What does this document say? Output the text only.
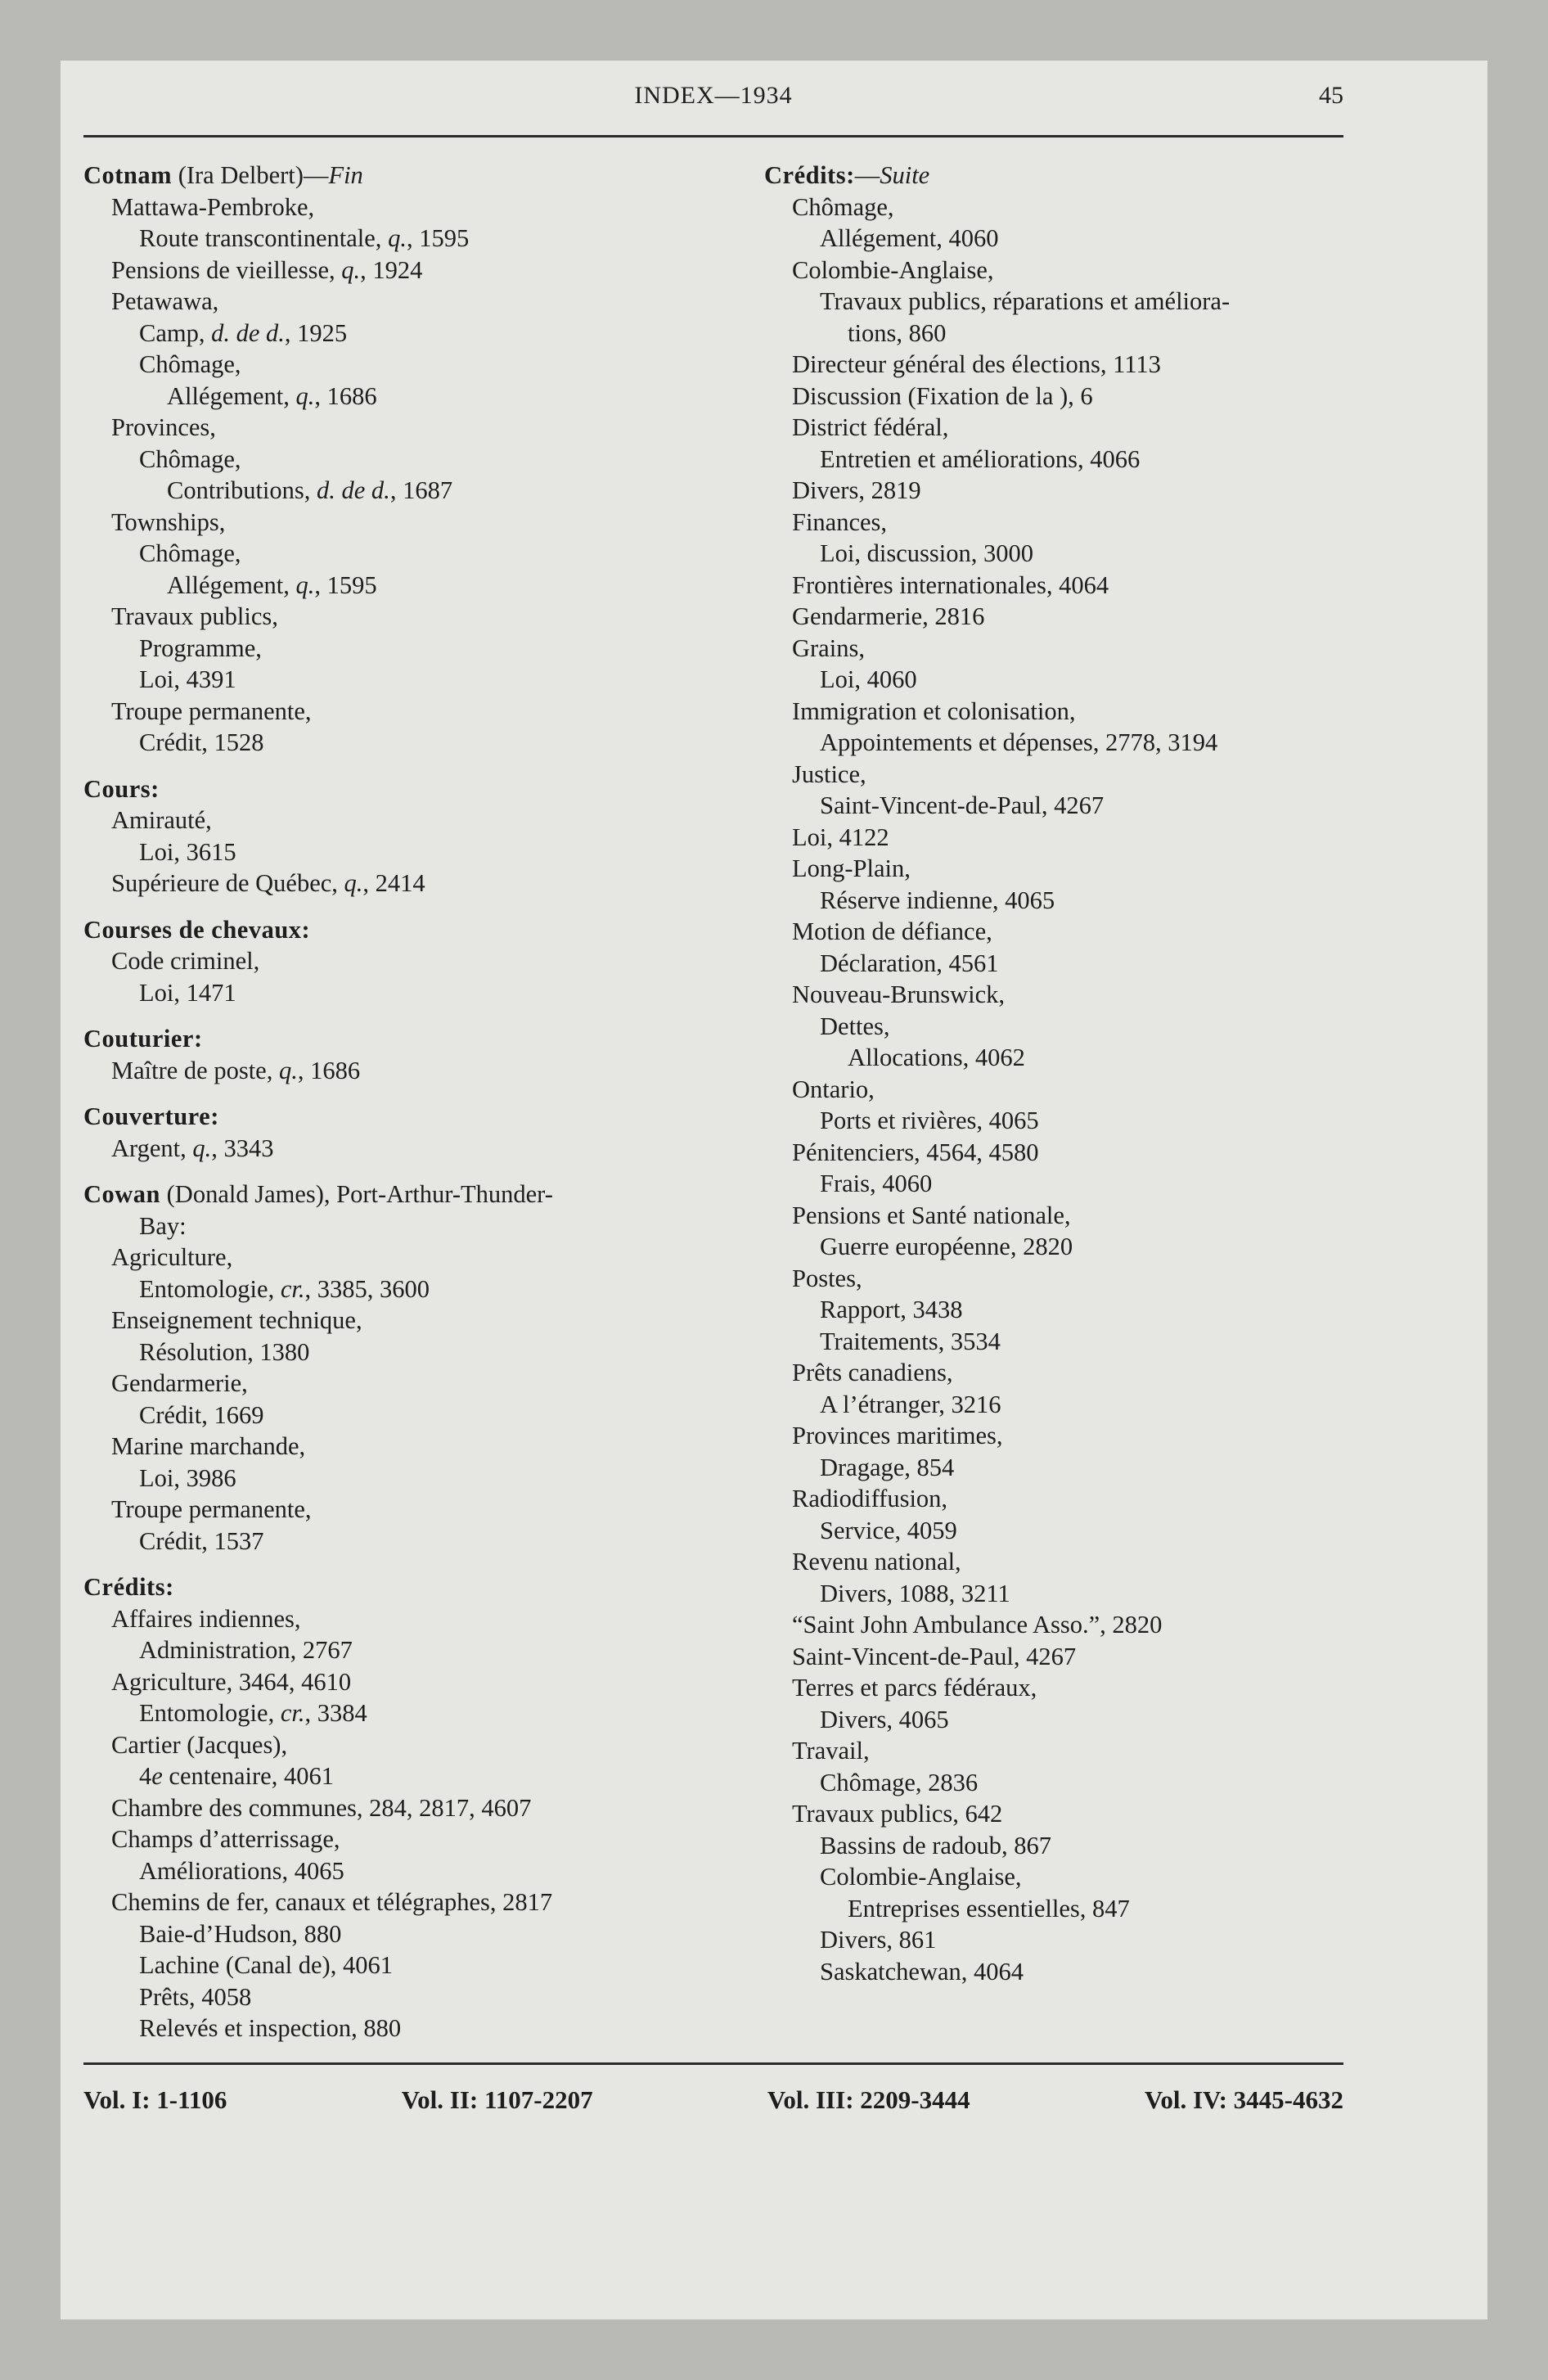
INDEX—1934	45
Cotnam (Ira Delbert)—Fin
Mattawa-Pembroke,
Route transcontinentale, q., 1595
Pensions de vieillesse, q., 1924
Petawawa,
Camp, d. de d., 1925
Chômage,
Allégement, q., 1686
Provinces,
Chômage,
Contributions, d. de d., 1687
Townships,
Chômage,
Allégement, q., 1595
Travaux publics,
Programme,
Loi, 4391
Troupe permanente,
Crédit, 1528
Cours:
Amirauté,
Loi, 3615
Supérieure de Québec, q., 2414
Courses de chevaux:
Code criminel,
Loi, 1471
Couturier:
Maître de poste, q., 1686
Couverture:
Argent, q., 3343
Cowan (Donald James), Port-Arthur-Thunder-
Bay:
Agriculture,
Entomologie, cr., 3385, 3600
Enseignement technique,
Résolution, 1380
Gendarmerie,
Crédit, 1669
Marine marchande,
Loi, 3986
Troupe permanente,
Crédit, 1537
Crédits:
Affaires indiennes,
Administration, 2767
Agriculture, 3464, 4610
Entomologie, cr., 3384
Cartier (Jacques),
4e centenaire, 4061
Chambre des communes, 284, 2817, 4607
Champs d’atterrissage,
Améliorations, 4065
Chemins de fer, canaux et télégraphes, 2817
Baie-d’Hudson, 880
Lachine (Canal de), 4061
Prêts, 4058
Relevés et inspection, 880
Crédits:—Suite
Chômage,
Allégement, 4060
Colombie-Anglaise,
Travaux publics, réparations et améliora-
tions, 860
Directeur général des élections, 1113
Discussion (Fixation de la ), 6
District fédéral,
Entretien et améliorations, 4066
Divers, 2819
Finances,
Loi, discussion, 3000
Frontières internationales, 4064
Gendarmerie, 2816
Grains,
Loi, 4060
Immigration et colonisation,
Appointements et dépenses, 2778, 3194
Justice,
Saint-Vincent-de-Paul, 4267
Loi, 4122
Long-Plain,
Réserve indienne, 4065
Motion de défiance,
Déclaration, 4561
Nouveau-Brunswick,
Dettes,
Allocations, 4062
Ontario,
Ports et rivières, 4065
Pénitenciers, 4564, 4580
Frais, 4060
Pensions et Santé nationale,
Guerre européenne, 2820
Postes,
Rapport, 3438
Traitements, 3534
Prêts canadiens,
A l’étranger, 3216
Provinces maritimes,
Dragage, 854
Radiodiffusion,
Service, 4059
Revenu national,
Divers, 1088, 3211
“Saint John Ambulance Asso.”, 2820
Saint-Vincent-de-Paul, 4267
Terres et parcs fédéraux,
Divers, 4065
Travail,
Chômage, 2836
Travaux publics, 642
Bassins de radoub, 867
Colombie-Anglaise,
Entreprises essentielles, 847
Divers, 861
Saskatchewan, 4064
Vol. I: 1-1106	Vol. II: 1107-2207	Vol. III: 2209-3444	Vol. IV: 3445-4632
